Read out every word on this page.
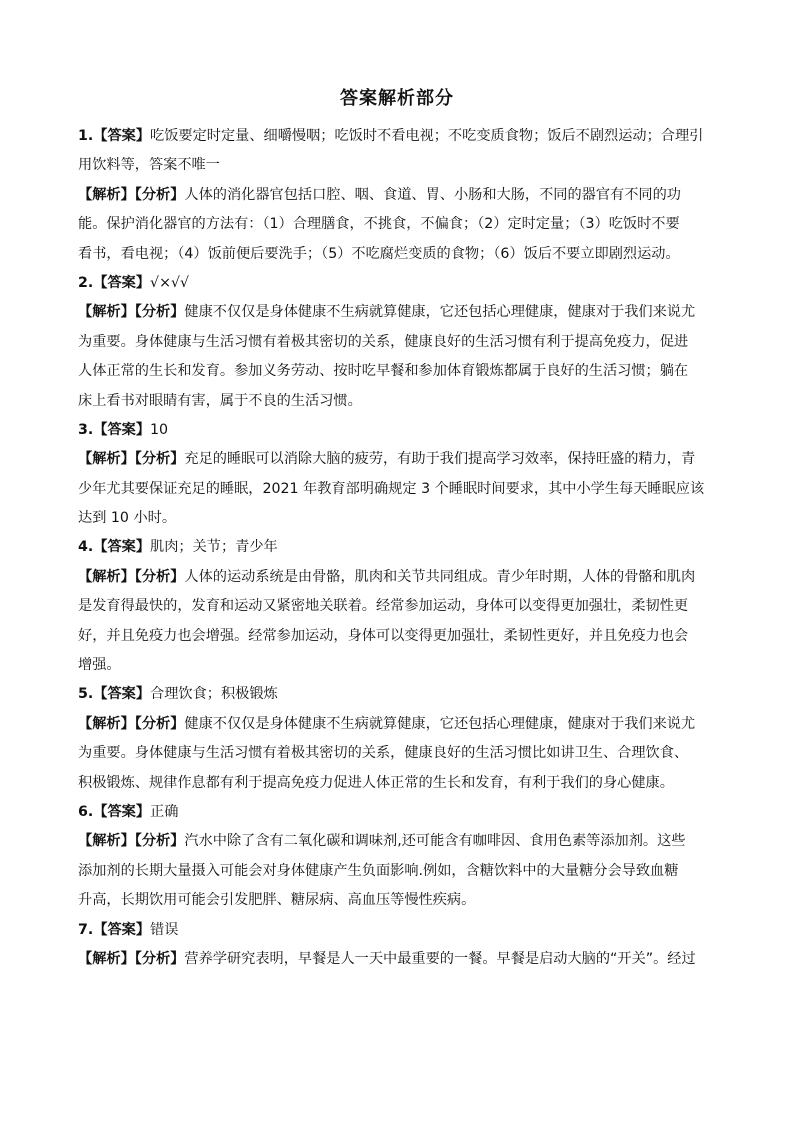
答案解析部分
1.【答案】吃饭要定时定量、细嚼慢咽；吃饭时不看电视；不吃变质食物；饭后不剧烈运动；合理引
用饮料等，答案不唯一
【解析】【分析】人体的消化器官包括口腔、咽、食道、胃、小肠和大肠，不同的器官有不同的功
能。保护消化器官的方法有：（1）合理膳食，不挑食，不偏食；（2）定时定量；（3）吃饭时不要
看书，看电视；（4）饭前便后要洗手；（5）不吃腐烂变质的食物；（6）饭后不要立即剧烈运动。
2.【答案】√×√√
【解析】【分析】健康不仅仅是身体健康不生病就算健康，它还包括心理健康，健康对于我们来说尤
为重要。身体健康与生活习惯有着极其密切的关系，健康良好的生活习惯有利于提高免疫力，促进
人体正常的生长和发育。参加义务劳动、按时吃早餐和参加体育锻炼都属于良好的生活习惯；躺在
床上看书对眼睛有害，属于不良的生活习惯。
3.【答案】10
【解析】【分析】充足的睡眠可以消除大脑的疲劳，有助于我们提高学习效率，保持旺盛的精力，青
少年尤其要保证充足的睡眠，2021 年教育部明确规定 3 个睡眠时间要求，其中小学生每天睡眠应该
达到 10 小时。
4.【答案】肌肉；关节；青少年
【解析】【分析】人体的运动系统是由骨骼，肌肉和关节共同组成。青少年时期，人体的骨骼和肌肉
是发育得最快的，发育和运动又紧密地关联着。经常参加运动，身体可以变得更加强壮，柔韧性更
好，并且免疫力也会增强。经常参加运动，身体可以变得更加强壮，柔韧性更好，并且免疫力也会
增强。
5.【答案】合理饮食；积极锻炼
【解析】【分析】健康不仅仅是身体健康不生病就算健康，它还包括心理健康，健康对于我们来说尤
为重要。身体健康与生活习惯有着极其密切的关系，健康良好的生活习惯比如讲卫生、合理饮食、
积极锻炼、规律作息都有利于提高免疫力促进人体正常的生长和发育，有利于我们的身心健康。
6.【答案】正确
【解析】【分析】汽水中除了含有二氧化碳和调味剂,还可能含有咖啡因、食用色素等添加剂。这些
添加剂的长期大量摄入可能会对身体健康产生负面影响.例如，含糖饮料中的大量糖分会导致血糖
升高，长期饮用可能会引发肥胖、糖尿病、高血压等慢性疾病。
7.【答案】错误
【解析】【分析】营养学研究表明，早餐是人一天中最重要的一餐。早餐是启动大脑的“开关”。经过
